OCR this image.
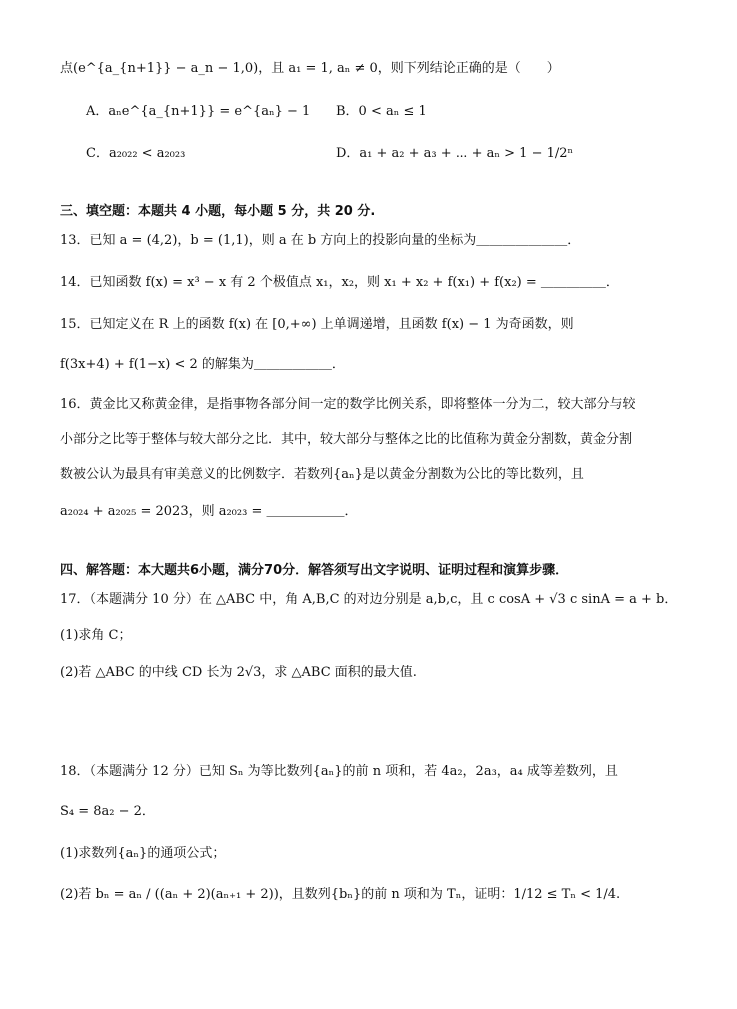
点(e^{a_{n+1}} − a_n − 1,0)，且 a₁ = 1, aₙ ≠ 0，则下列结论正确的是（　　）
A．aₙe^{a_{n+1}} = e^{aₙ} − 1 B．0 < aₙ ≤ 1
C．a₂₀₂₂ < a₂₀₂₃	D．a₁ + a₂ + a₃ + ⋯ + aₙ > 1 − 1/2ⁿ
三、填空题：本题共 4 小题，每小题 5 分，共 20 分.
13．已知 a = (4,2)，b = (1,1)，则 a 在 b 方向上的投影向量的坐标为＿＿＿＿＿＿＿．
14．已知函数 f(x) = x³ − x 有 2 个极值点 x₁，x₂，则 x₁ + x₂ + f(x₁) + f(x₂) = ＿＿＿＿＿．
15．已知定义在 R 上的函数 f(x) 在 [0,+∞) 上单调递增，且函数 f(x) − 1 为奇函数，则
f(3x+4) + f(1−x) < 2 的解集为＿＿＿＿＿＿．
16．黄金比又称黄金律，是指事物各部分间一定的数学比例关系，即将整体一分为二，较大部分与较
小部分之比等于整体与较大部分之比．其中，较大部分与整体之比的比值称为黄金分割数，黄金分割
数被公认为最具有审美意义的比例数字．若数列{aₙ}是以黄金分割数为公比的等比数列，且
a₂₀₂₄ + a₂₀₂₅ = 2023，则 a₂₀₂₃ = ＿＿＿＿＿＿．
四、解答题：本大题共6小题，满分70分．解答须写出文字说明、证明过程和演算步骤．
17．（本题满分 10 分）在 △ABC 中，角 A,B,C 的对边分别是 a,b,c，且 c cosA + √3 c sinA = a + b．
(1)求角 C；
(2)若 △ABC 的中线 CD 长为 2√3，求 △ABC 面积的最大值.
18．（本题满分 12 分）已知 Sₙ 为等比数列{aₙ}的前 n 项和，若 4a₂，2a₃，a₄ 成等差数列，且
S₄ = 8a₂ − 2．
(1)求数列{aₙ}的通项公式；
(2)若 bₙ = aₙ / ((aₙ + 2)(aₙ₊₁ + 2))，且数列{bₙ}的前 n 项和为 Tₙ，证明：1/12 ≤ Tₙ < 1/4.
